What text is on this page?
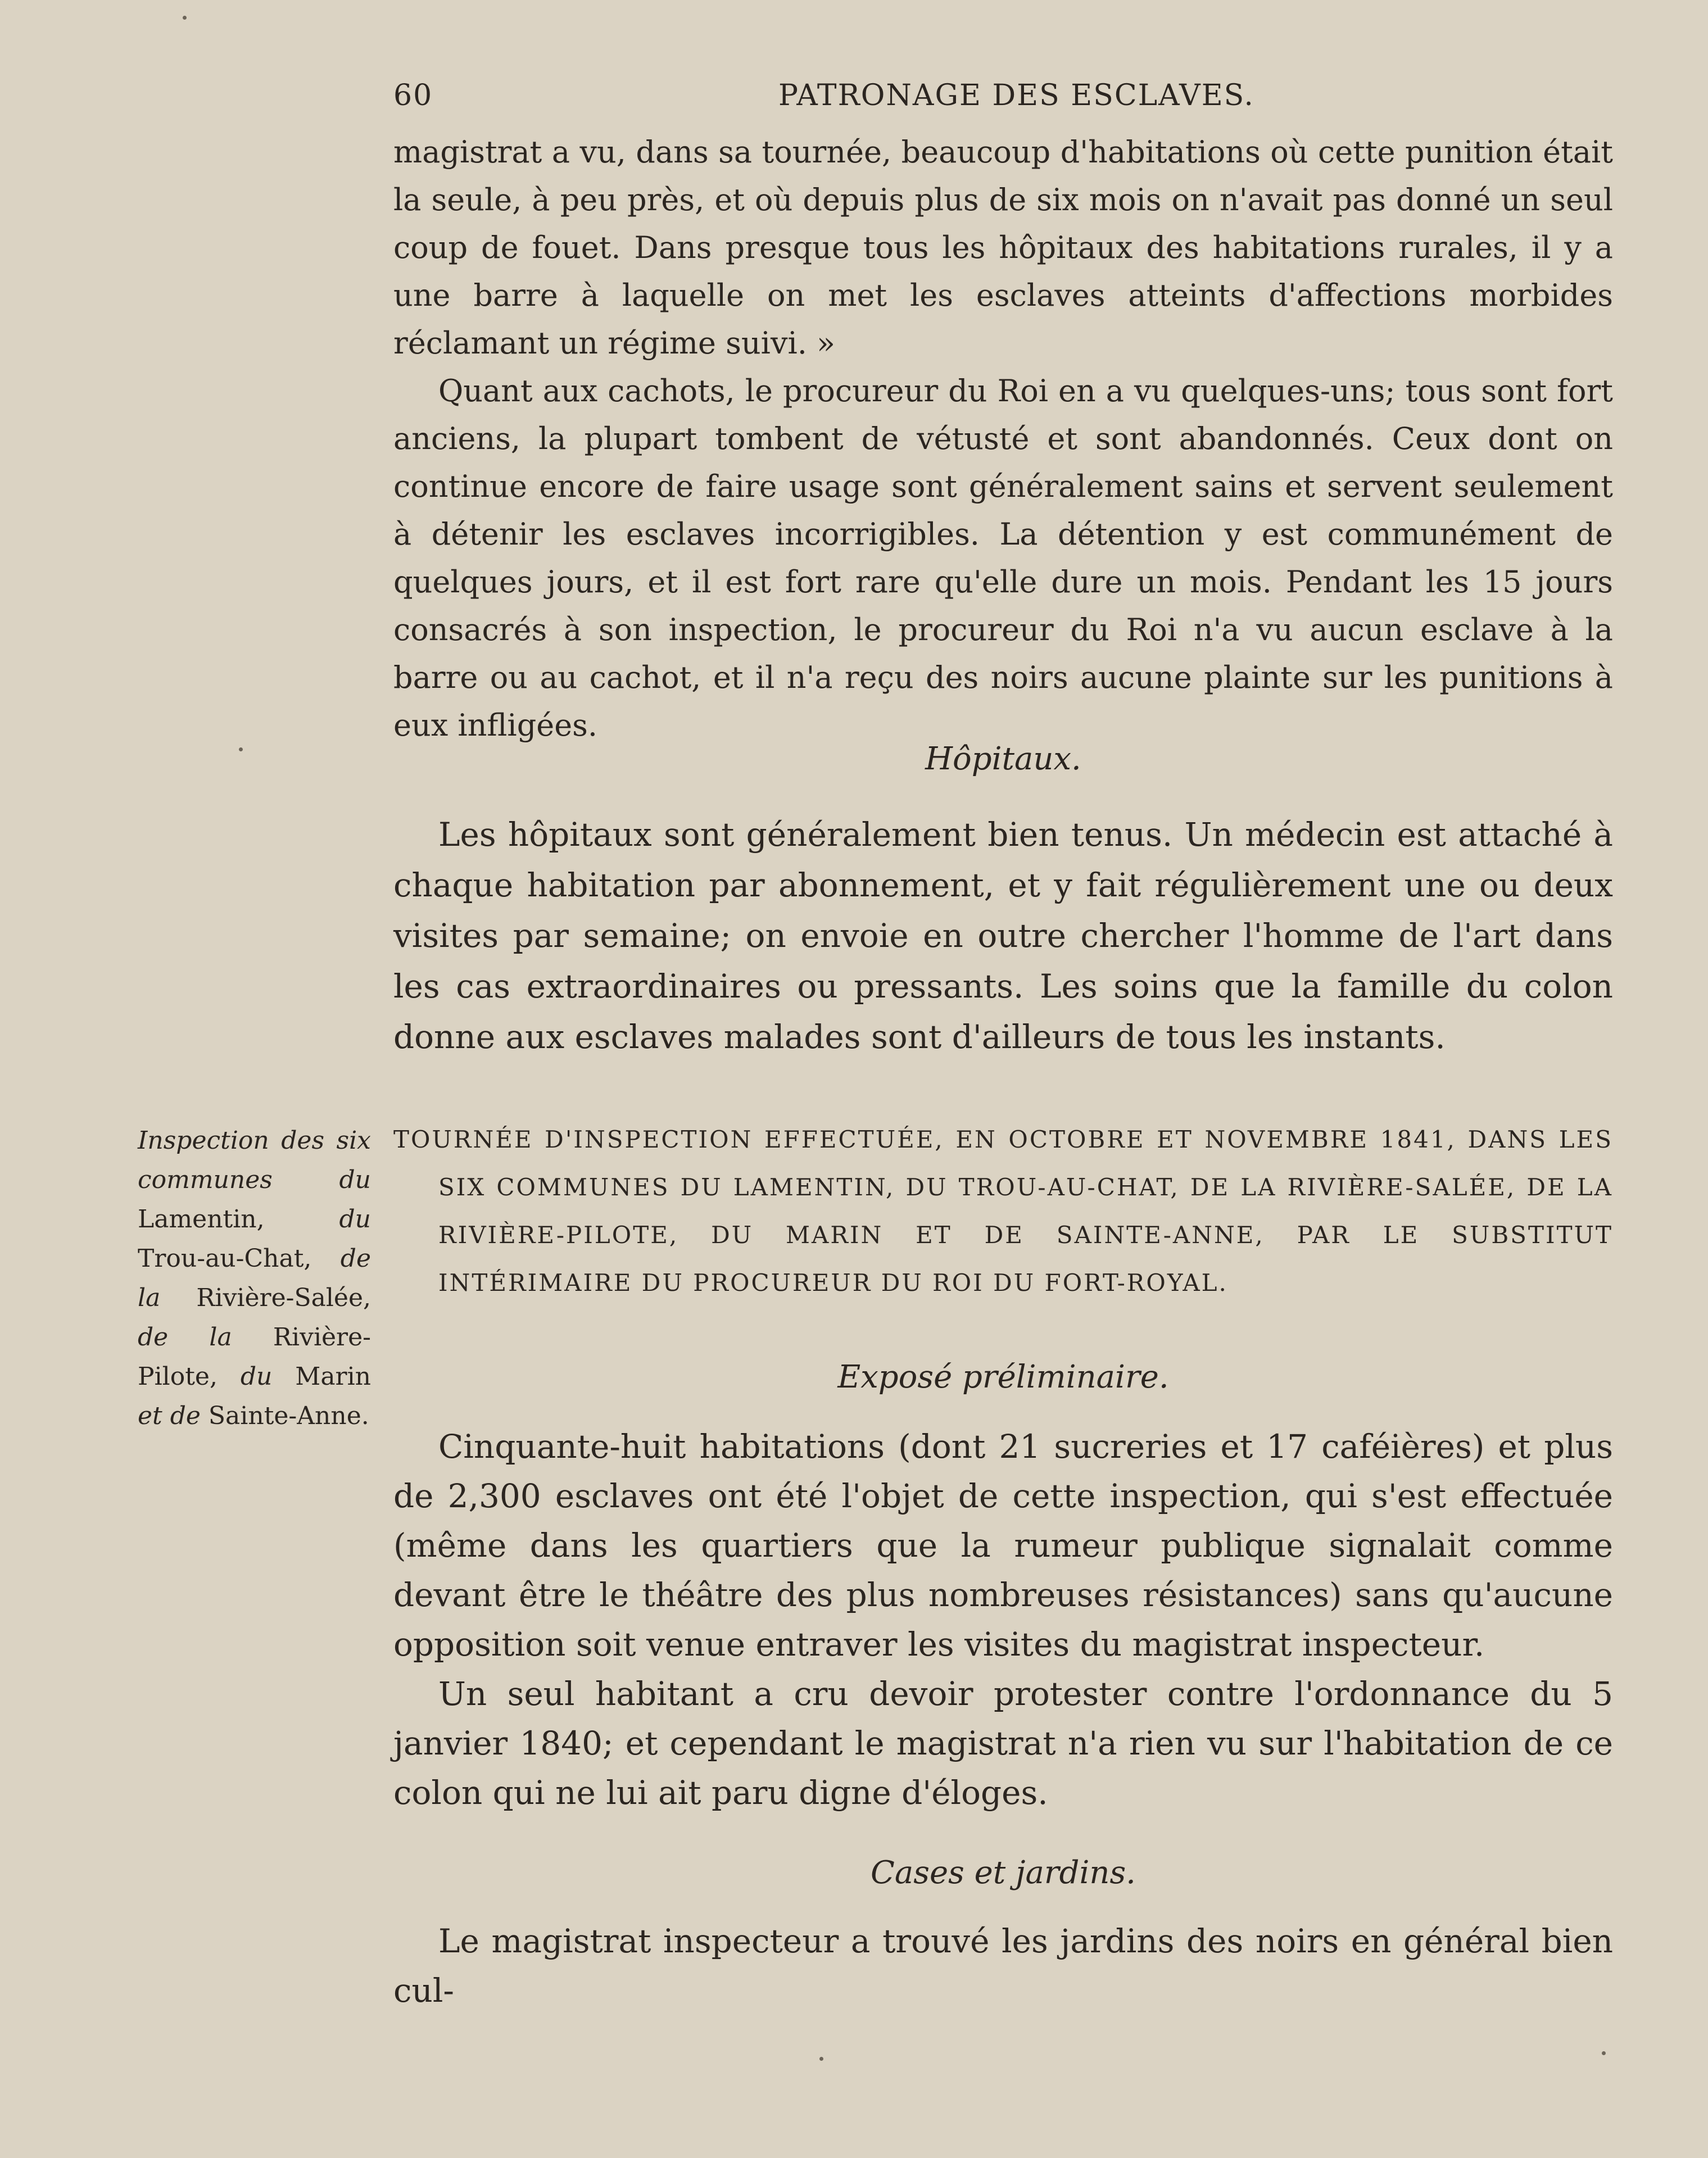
60	PATRONAGE DES ESCLAVES.

magistrat a vu, dans sa tournée, beaucoup d'habitations où cette punition était la seule, à peu près, et où depuis plus de six mois on n'avait pas donné un seul coup de fouet. Dans presque tous les hôpitaux des habitations rurales, il y a une barre à laquelle on met les esclaves atteints d'affections morbides réclamant un régime suivi. »

Quant aux cachots, le procureur du Roi en a vu quelques-uns; tous sont fort anciens, la plupart tombent de vétusté et sont abandonnés. Ceux dont on continue encore de faire usage sont généralement sains et servent seulement à détenir les esclaves incorrigibles. La détention y est communément de quelques jours, et il est fort rare qu'elle dure un mois. Pendant les 15 jours consacrés à son inspection, le procureur du Roi n'a vu aucun esclave à la barre ou au cachot, et il n'a reçu des noirs aucune plainte sur les punitions à eux infligées.

Hôpitaux.

Les hôpitaux sont généralement bien tenus. Un médecin est attaché à chaque habitation par abonnement, et y fait régulièrement une ou deux visites par semaine; on envoie en outre chercher l'homme de l'art dans les cas extraordinaires ou pressants. Les soins que la famille du colon donne aux esclaves malades sont d'ailleurs de tous les instants.

Inspection des six communes du Lamentin, du Trou-au-Chat, de la Rivière-Salée, de la Rivière-Pilote, du Marin et de Sainte-Anne.
TOURNÉE D'INSPECTION EFFECTUÉE, EN OCTOBRE ET NOVEMBRE 1841, DANS LES SIX COMMUNES DU LAMENTIN, DU TROU-AU-CHAT, DE LA RIVIÈRE-SALÉE, DE LA RIVIÈRE-PILOTE, DU MARIN ET DE SAINTE-ANNE, PAR LE SUBSTITUT INTÉRIMAIRE DU PROCUREUR DU ROI DU FORT-ROYAL.
Exposé préliminaire.

Cinquante-huit habitations (dont 21 sucreries et 17 caféières) et plus de 2,300 esclaves ont été l'objet de cette inspection, qui s'est effectuée (même dans les quartiers que la rumeur publique signalait comme devant être le théâtre des plus nombreuses résistances) sans qu'aucune opposition soit venue entraver les visites du magistrat inspecteur.

Un seul habitant a cru devoir protester contre l'ordonnance du 5 janvier 1840; et cependant le magistrat n'a rien vu sur l'habitation de ce colon qui ne lui ait paru digne d'éloges.

Cases et jardins.

Le magistrat inspecteur a trouvé les jardins des noirs en général bien cul-
